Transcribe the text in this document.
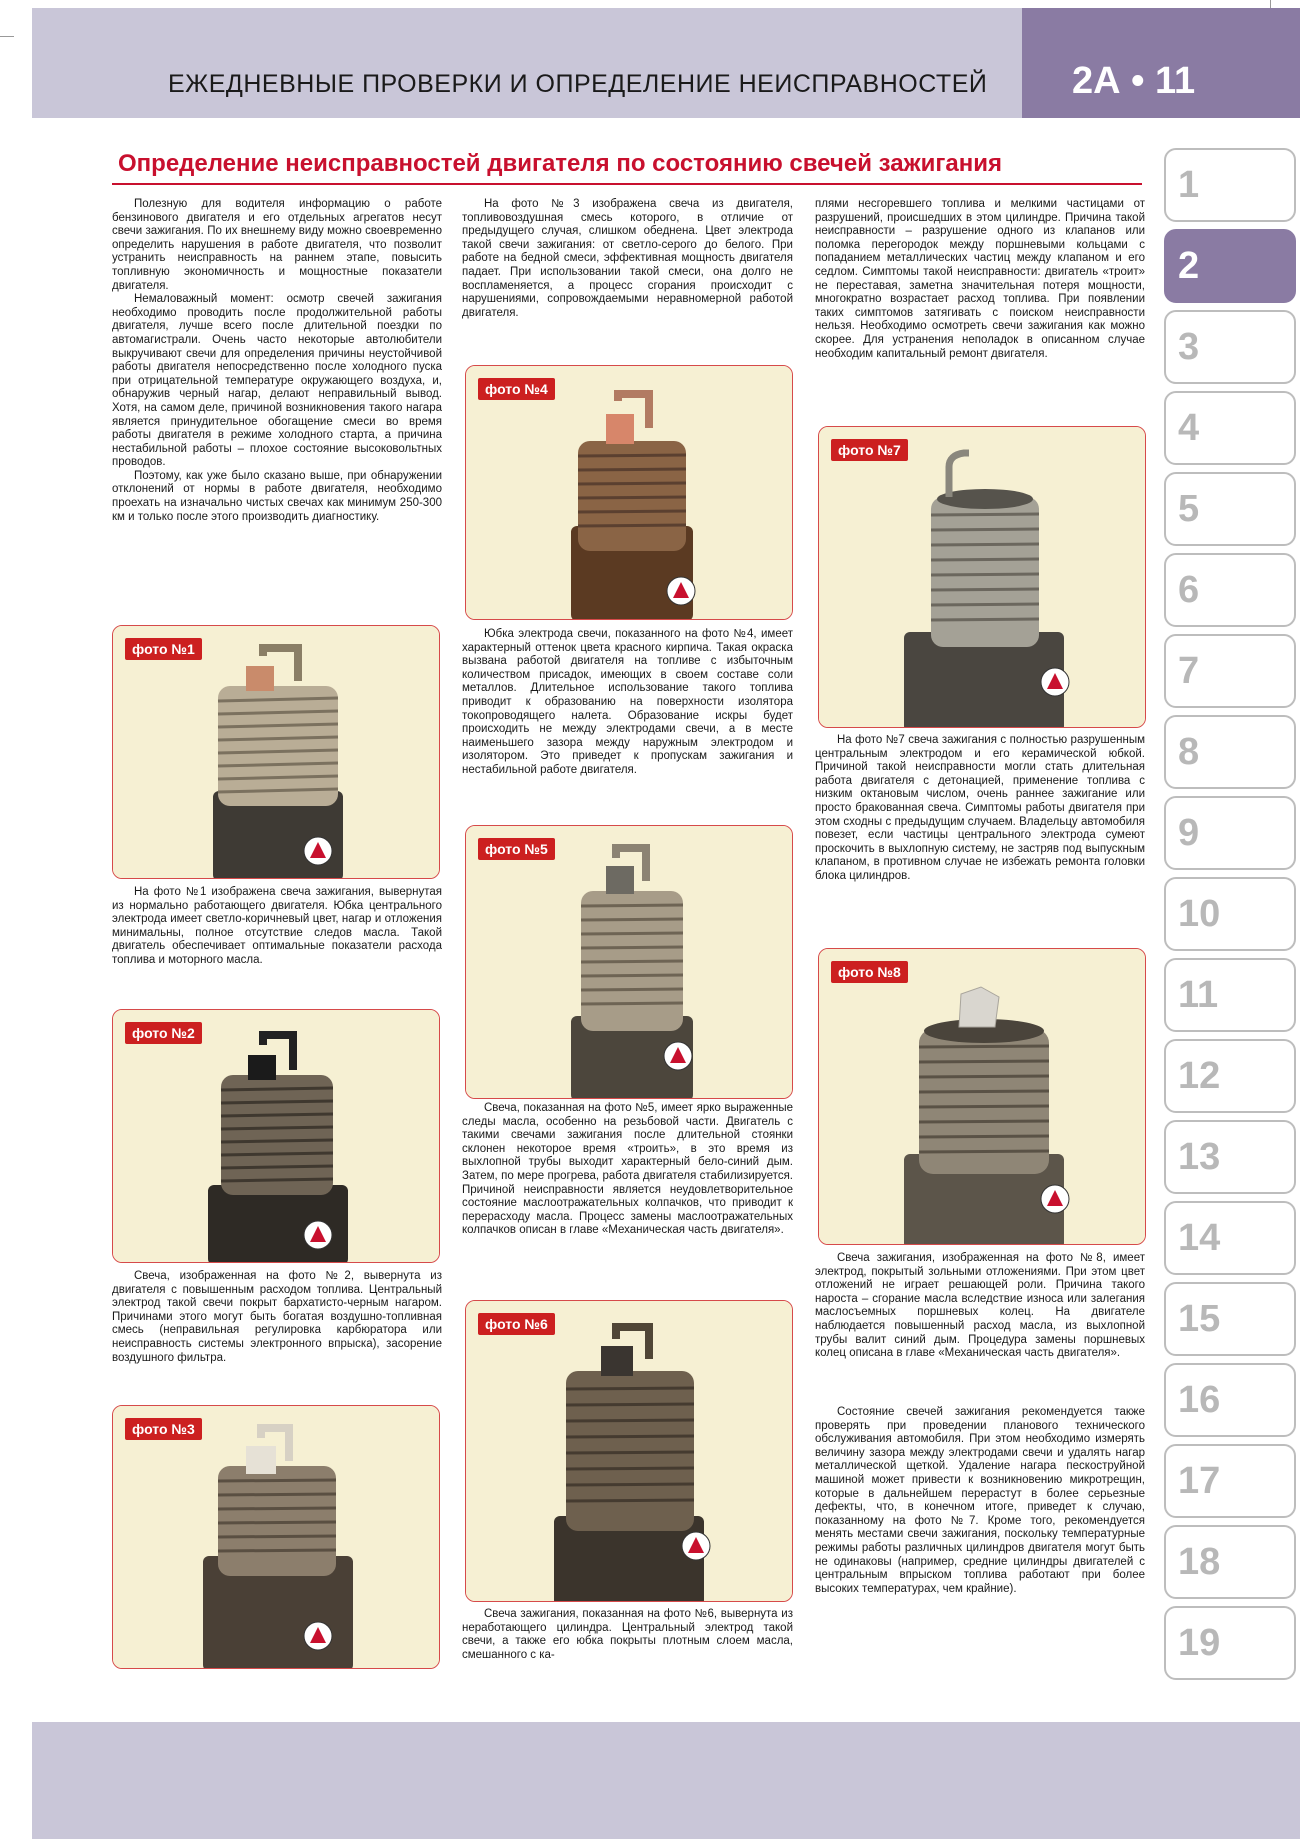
ЕЖЕДНЕВНЫЕ ПРОВЕРКИ И ОПРЕДЕЛЕНИЕ НЕИСПРАВНОСТЕЙ 2А • 11
Определение неисправностей двигателя по состоянию свечей зажигания

Полезную для водителя информацию о работе бензинового двигателя и его отдельных агрегатов несут свечи зажигания. По их внешнему виду можно своевременно определить нарушения в работе двигателя, что позволит устранить неисправность на раннем этапе, повысить топливную экономичность и мощностные показатели двигателя.

Немаловажный момент: осмотр свечей зажигания необходимо проводить после продолжительной работы двигателя, лучше всего после длительной поездки по автомагистрали. Очень часто некоторые автолюбители выкручивают свечи для определения причины неустойчивой работы двигателя непосредственно после холодного пуска при отрицательной температуре окружающего воздуха, и, обнаружив черный нагар, делают неправильный вывод. Хотя, на самом деле, причиной возникновения такого нагара является принудительное обогащение смеси во время работы двигателя в режиме холодного старта, а причина нестабильной работы – плохое состояние высоковольтных проводов.

Поэтому, как уже было сказано выше, при обнаружении отклонений от нормы в работе двигателя, необходимо проехать на изначально чистых свечах как минимум 250-300 км и только после этого производить диагностику.

фото №1

На фото №1 изображена свеча зажигания, вывернутая из нормально работающего двигателя. Юбка центрального электрода имеет светло-коричневый цвет, нагар и отложения минимальны, полное отсутствие следов масла. Такой двигатель обеспечивает оптимальные показатели расхода топлива и моторного масла.

фото №2

Свеча, изображенная на фото №2, вывернута из двигателя с повышенным расходом топлива. Центральный электрод такой свечи покрыт бархатисто-черным нагаром. Причинами этого могут быть богатая воздушно-топливная смесь (неправильная регулировка карбюратора или неисправность системы электронного впрыска), засорение воздушного фильтра.

фото №3

На фото №3 изображена свеча из двигателя, топливовоздушная смесь которого, в отличие от предыдущего случая, слишком обеднена. Цвет электрода такой свечи зажигания: от светло-серого до белого. При работе на бедной смеси, эффективная мощность двигателя падает. При использовании такой смеси, она долго не воспламеняется, а процесс сгорания происходит с нарушениями, сопровождаемыми неравномерной работой двигателя.

фото №4

Юбка электрода свечи, показанного на фото №4, имеет характерный оттенок цвета красного кирпича. Такая окраска вызвана работой двигателя на топливе с избыточным количеством присадок, имеющих в своем составе соли металлов. Длительное использование такого топлива приводит к образованию на поверхности изолятора токопроводящего налета. Образование искры будет происходить не между электродами свечи, а в месте наименьшего зазора между наружным электродом и изолятором. Это приведет к пропускам зажигания и нестабильной работе двигателя.

фото №5

Свеча, показанная на фото №5, имеет ярко выраженные следы масла, особенно на резьбовой части. Двигатель с такими свечами зажигания после длительной стоянки склонен некоторое время «троить», в это время из выхлопной трубы выходит характерный бело-синий дым. Затем, по мере прогрева, работа двигателя стабилизируется. Причиной неисправности является неудовлетворительное состояние маслоотражательных колпачков, что приводит к перерасходу масла. Процесс замены маслоотражательных колпачков описан в главе «Механическая часть двигателя».

фото №6

Свеча зажигания, показанная на фото №6, вывернута из неработающего цилиндра. Центральный электрод такой свечи, а также его юбка покрыты плотным слоем масла, смешанного с ка-

плями несгоревшего топлива и мелкими частицами от разрушений, происшедших в этом цилиндре. Причина такой неисправности – разрушение одного из клапанов или поломка перегородок между поршневыми кольцами с попаданием металлических частиц между клапаном и его седлом. Симптомы такой неисправности: двигатель «троит» не переставая, заметна значительная потеря мощности, многократно возрастает расход топлива. При появлении таких симптомов затягивать с поиском неисправности нельзя. Необходимо осмотреть свечи зажигания как можно скорее. Для устранения неполадок в описанном случае необходим капитальный ремонт двигателя.

фото №7

На фото №7 свеча зажигания с полностью разрушенным центральным электродом и его керамической юбкой. Причиной такой неисправности могли стать длительная работа двигателя с детонацией, применение топлива с низким октановым числом, очень раннее зажигание или просто бракованная свеча. Симптомы работы двигателя при этом сходны с предыдущим случаем. Владельцу автомобиля повезет, если частицы центрального электрода сумеют проскочить в выхлопную систему, не застряв под выпускным клапаном, в противном случае не избежать ремонта головки блока цилиндров.

фото №8

Свеча зажигания, изображенная на фото №8, имеет электрод, покрытый зольными отложениями. При этом цвет отложений не играет решающей роли. Причина такого нароста – сгорание масла вследствие износа или залегания маслосъемных поршневых колец. На двигателе наблюдается повышенный расход масла, из выхлопной трубы валит синий дым. Процедура замены поршневых колец описана в главе «Механическая часть двигателя».

Состояние свечей зажигания рекомендуется также проверять при проведении планового технического обслуживания автомобиля. При этом необходимо измерять величину зазора между электродами свечи и удалять нагар металлической щеткой. Удаление нагара пескоструйной машиной может привести к возникновению микротрещин, которые в дальнейшем перерастут в более серьезные дефекты, что, в конечном итоге, приведет к случаю, показанному на фото №7. Кроме того, рекомендуется менять местами свечи зажигания, поскольку температурные режимы работы различных цилиндров двигателя могут быть не одинаковы (например, средние цилиндры двигателей с центральным впрыском топлива работают при более высоких температурах, чем крайние).

1
2
3
4
5
6
7
8
9
10
11
12
13
14
15
16
17
18
19
